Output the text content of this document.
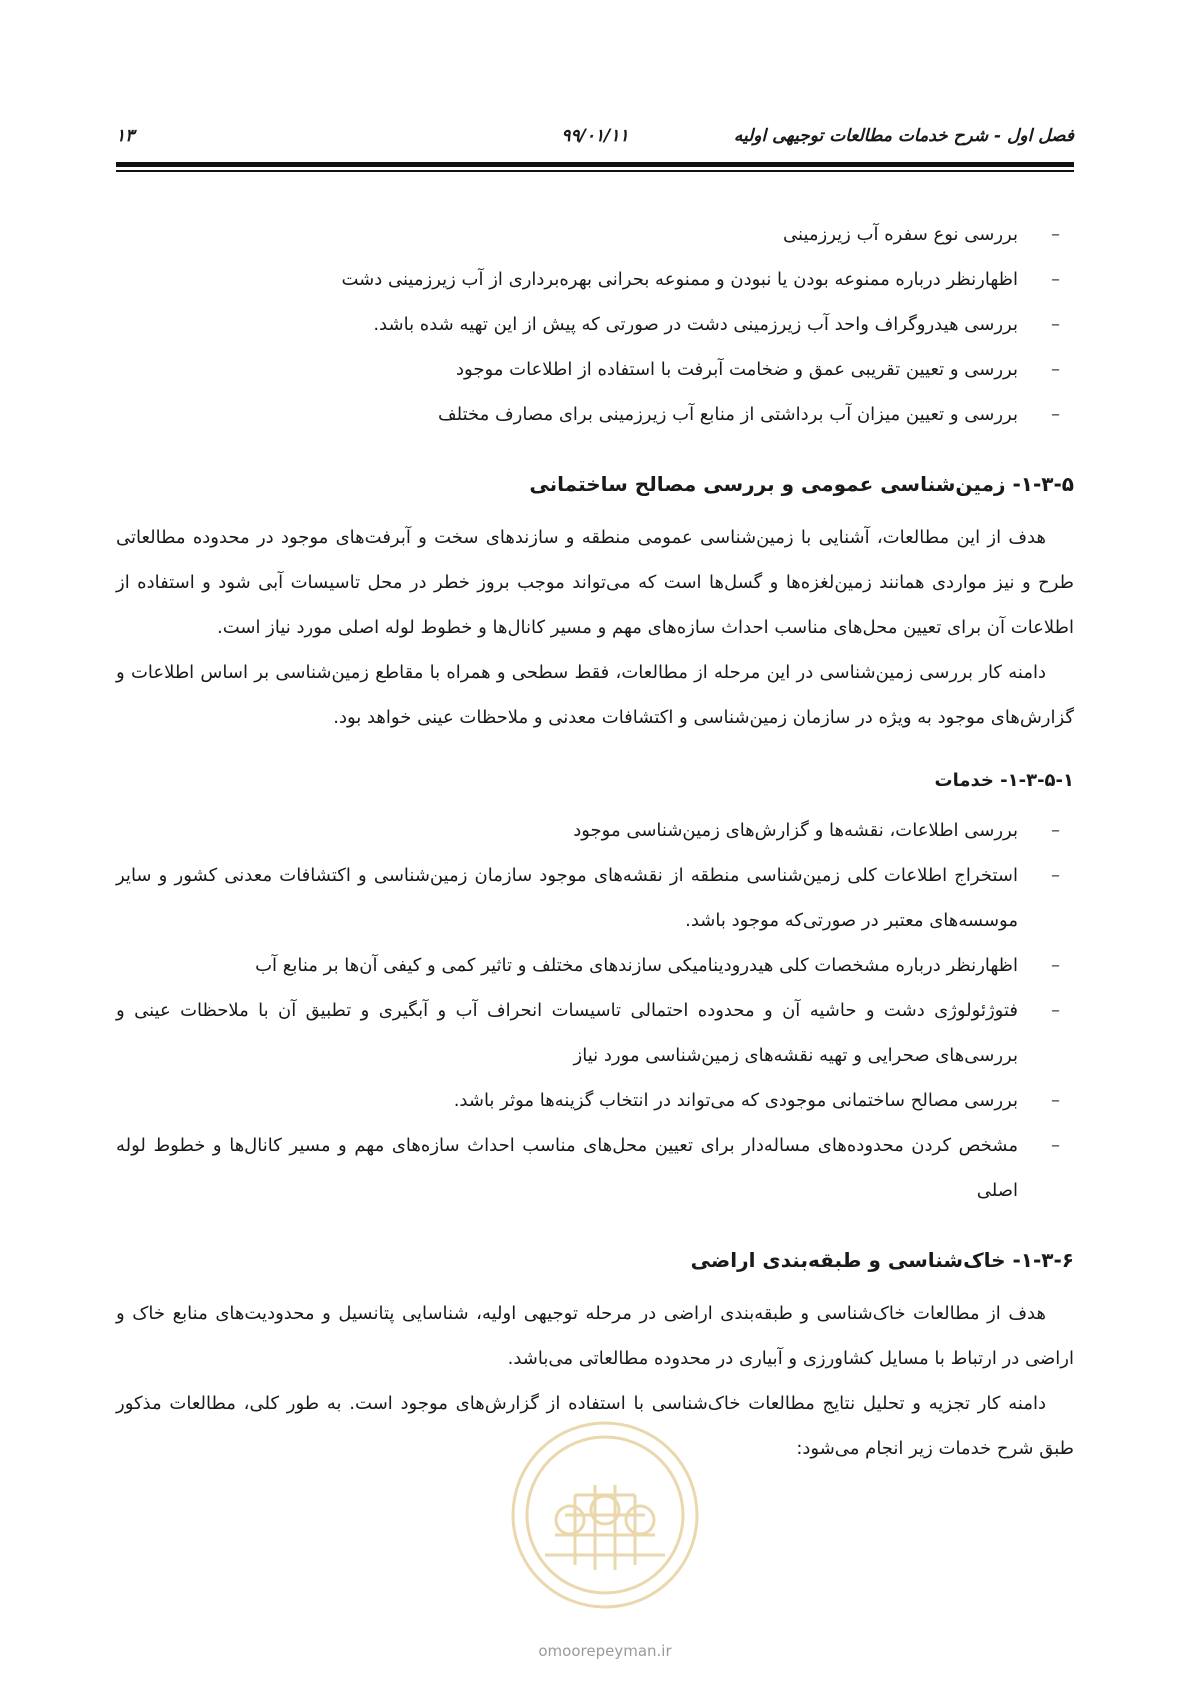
فصل اول - شرح خدمات مطالعات توجیهی اولیه
۹۹/۰۱/۱۱
۱۳
–
بررسی نوع سفره آب زیرزمینی
–
اظهارنظر درباره ممنوعه بودن یا نبودن و ممنوعه بحرانی بهره‌برداری از آب زیرزمینی دشت
–
بررسی هیدروگراف واحد آب زیرزمینی دشت در صورتی که پیش از این تهیه شده باشد.
–
بررسی و تعیین تقریبی عمق و ضخامت آبرفت با استفاده از اطلاعات موجود
–
بررسی و تعیین میزان آب برداشتی از منابع آب زیرزمینی برای مصارف مختلف
۱-۳-۵- زمین‌شناسی عمومی و بررسی مصالح ساختمانی

هدف از این مطالعات، آشنایی با زمین‌شناسی عمومی منطقه و سازندهای سخت و آبرفت‌های موجود در محدوده مطالعاتی طرح و نیز مواردی همانند زمین‌لغزه‌ها و گسل‌ها است که می‌تواند موجب بروز خطر در محل تاسیسات آبی شود و استفاده از اطلاعات آن برای تعیین محل‌های مناسب احداث سازه‌های مهم و مسیر کانال‌ها و خطوط لوله اصلی مورد نیاز است.

دامنه کار بررسی زمین‌شناسی در این مرحله از مطالعات، فقط سطحی و همراه با مقاطع زمین‌شناسی بر اساس اطلاعات و گزارش‌های موجود به ویژه در سازمان زمین‌شناسی و اکتشافات معدنی و ملاحظات عینی خواهد بود.

۱-۳-۵-۱- خدمات
–
بررسی اطلاعات، نقشه‌ها و گزارش‌های زمین‌شناسی موجود
–
استخراج اطلاعات کلی زمین‌شناسی منطقه از نقشه‌های موجود سازمان زمین‌شناسی و اکتشافات معدنی کشور و سایر موسسه‌های معتبر در صورتی‌که موجود باشد.
–
اظهارنظر درباره مشخصات کلی هیدرودینامیکی سازندهای مختلف و تاثیر کمی و کیفی آن‌ها بر منابع آب
–
فتوژئولوژی دشت و حاشیه آن و محدوده احتمالی تاسیسات انحراف آب و آبگیری و تطبیق آن با ملاحظات عینی و بررسی‌های صحرایی و تهیه نقشه‌های زمین‌شناسی مورد نیاز
–
بررسی مصالح ساختمانی موجودی که می‌تواند در انتخاب گزینه‌ها موثر باشد.
–
مشخص کردن محدوده‌های مساله‌دار برای تعیین محل‌های مناسب احداث سازه‌های مهم و مسیر کانال‌ها و خطوط لوله اصلی
۱-۳-۶- خاک‌شناسی و طبقه‌بندی اراضی

هدف از مطالعات خاک‌شناسی و طبقه‌بندی اراضی در مرحله توجیهی اولیه، شناسایی پتانسیل و محدودیت‌های منابع خاک و اراضی در ارتباط با مسایل کشاورزی و آبیاری در محدوده مطالعاتی می‌باشد.

دامنه کار تجزیه و تحلیل نتایج مطالعات خاک‌شناسی با استفاده از گزارش‌های موجود است. به طور کلی، مطالعات مذکور طبق شرح خدمات زیر انجام می‌شود:

omoorepeyman.ir
